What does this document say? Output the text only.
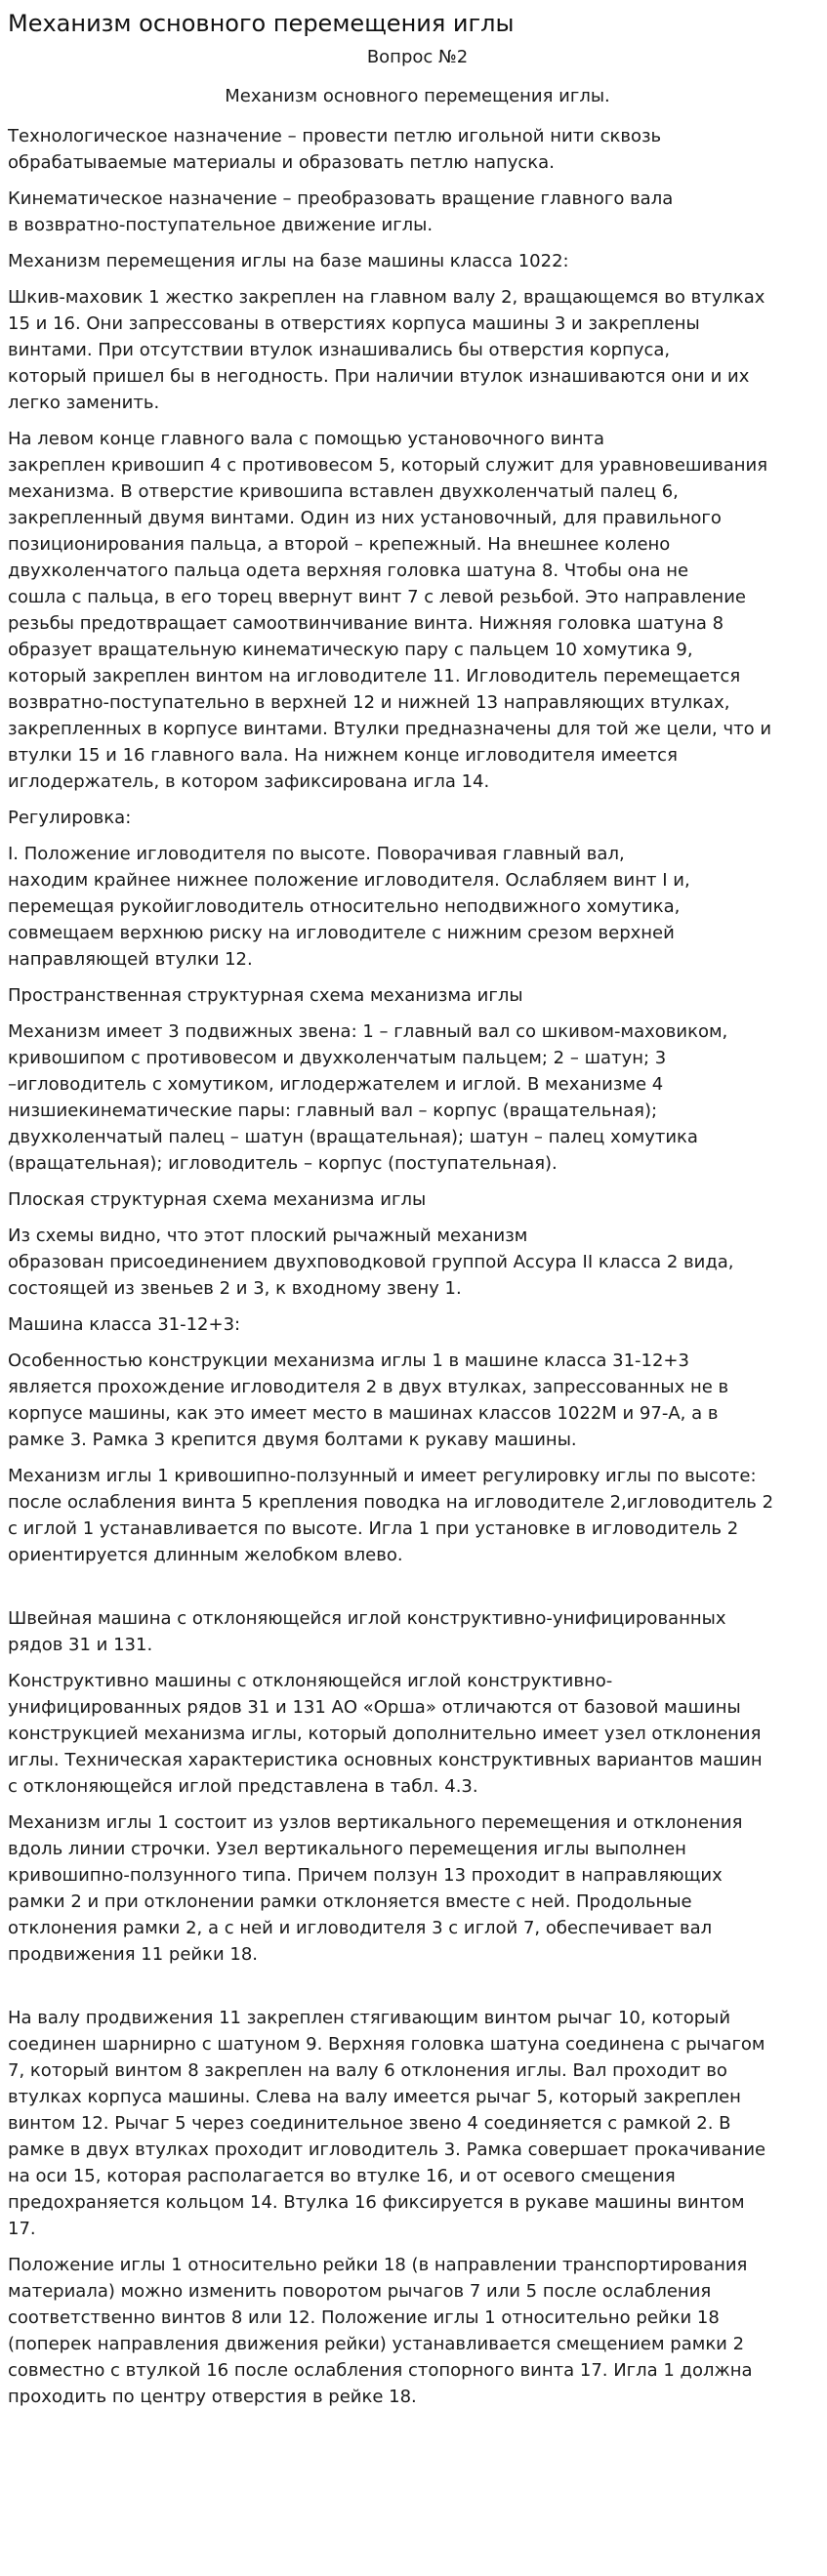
Механизм основного перемещения иглы
Вопрос №2
Механизм основного перемещения иглы.

Технологическое назначение – провести петлю игольной нити сквозь
обрабатываемые материалы и образовать петлю напуска.

Кинематическое назначение – преобразовать вращение главного вала
в возвратно-поступательное движение иглы.

Механизм перемещения иглы на базе машины класса 1022:

Шкив-маховик 1 жестко закреплен на главном валу 2, вращающемся во втулках
15 и 16. Они запрессованы в отверстиях корпуса машины 3 и закреплены
винтами. При отсутствии втулок изнашивались бы отверстия корпуса,
который пришел бы в негодность. При наличии втулок изнашиваются они и их
легко заменить.

На левом конце главного вала с помощью установочного винта
закреплен кривошип 4 с противовесом 5, который служит для уравновешивания
механизма. В отверстие кривошипа вставлен двухколенчатый палец 6,
закрепленный двумя винтами. Один из них установочный, для правильного
позиционирования пальца, а второй – крепежный. На внешнее колено
двухколенчатого пальца одета верхняя головка шатуна 8. Чтобы она не
сошла с пальца, в его торец ввернут винт 7 с левой резьбой. Это направление
резьбы предотвращает самоотвинчивание винта. Нижняя головка шатуна 8
образует вращательную кинематическую пару с пальцем 10 хомутика 9,
который закреплен винтом на игловодителе 11. Игловодитель перемещается
возвратно-поступательно в верхней 12 и нижней 13 направляющих втулках,
закрепленных в корпусе винтами. Втулки предназначены для той же цели, что и
втулки 15 и 16 главного вала. На нижнем конце игловодителя имеется
иглодержатель, в котором зафиксирована игла 14.

Регулировка:

I. Положение игловодителя по высоте. Поворачивая главный вал,
находим крайнее нижнее положение игловодителя. Ослабляем винт I и,
перемещая рукойигловодитель относительно неподвижного хомутика,
совмещаем верхнюю риску на игловодителе с нижним срезом верхней
направляющей втулки 12.

Пространственная структурная схема механизма иглы

Механизм имеет 3 подвижных звена: 1 – главный вал со шкивом-маховиком,
кривошипом с противовесом и двухколенчатым пальцем; 2 – шатун; 3
–игловодитель с хомутиком, иглодержателем и иглой. В механизме 4
низшиекинематические пары: главный вал – корпус (вращательная);
двухколенчатый палец – шатун (вращательная); шатун – палец хомутика
(вращательная); игловодитель – корпус (поступательная).

Плоская структурная схема механизма иглы

Из схемы видно, что этот плоский рычажный механизм
образован присоединением двухповодковой группой Ассура II класса 2 вида,
состоящей из звеньев 2 и 3, к входному звену 1.

Машина класса 31-12+3:

Особенностью конструкции механизма иглы 1 в машине класса 31-12+3
является прохождение игловодителя 2 в двух втулках, запрессованных не в
корпусе машины, как это имеет место в машинах классов 1022М и 97-А, а в
рамке 3. Рамка 3 крепится двумя болтами к рукаву машины.

Механизм иглы 1 кривошипно-ползунный и имеет регулировку иглы по высоте:
после ослабления винта 5 крепления поводка на игловодителе 2,игловодитель 2
с иглой 1 устанавливается по высоте. Игла 1 при установке в игловодитель 2
ориентируется длинным желобком влево.

Швейная машина с отклоняющейся иглой конструктивно-унифицированных
рядов 31 и 131.

Конструктивно машины с отклоняющейся иглой конструктивно-
унифицированных рядов 31 и 131 АО «Орша» отличаются от базовой машины
конструкцией механизма иглы, который дополнительно имеет узел отклонения
иглы. Техническая характеристика основных конструктивных вариантов машин
с отклоняющейся иглой представлена в табл. 4.3.

Механизм иглы 1 состоит из узлов вертикального перемещения и отклонения
вдоль линии строчки. Узел вертикального перемещения иглы выполнен
кривошипно-ползунного типа. Причем ползун 13 проходит в направляющих
рамки 2 и при отклонении рамки отклоняется вместе с ней. Продольные
отклонения рамки 2, а с ней и игловодителя 3 с иглой 7, обеспечивает вал
продвижения 11 рейки 18.

На валу продвижения 11 закреплен стягивающим винтом рычаг 10, который
соединен шарнирно с шатуном 9. Верхняя головка шатуна соединена с рычагом
7, который винтом 8 закреплен на валу 6 отклонения иглы. Вал проходит во
втулках корпуса машины. Слева на валу имеется рычаг 5, который закреплен
винтом 12. Рычаг 5 через соединительное звено 4 соединяется с рамкой 2. В
рамке в двух втулках проходит игловодитель 3. Рамка совершает прокачивание
на оси 15, которая располагается во втулке 16, и от осевого смещения
предохраняется кольцом 14. Втулка 16 фиксируется в рукаве машины винтом
17.

Положение иглы 1 относительно рейки 18 (в направлении транспортирования
материала) можно изменить поворотом рычагов 7 или 5 после ослабления
соответственно винтов 8 или 12. Положение иглы 1 относительно рейки 18
(поперек направления движения рейки) устанавливается смещением рамки 2
совместно с втулкой 16 после ослабления стопорного винта 17. Игла 1 должна
проходить по центру отверстия в рейке 18.
